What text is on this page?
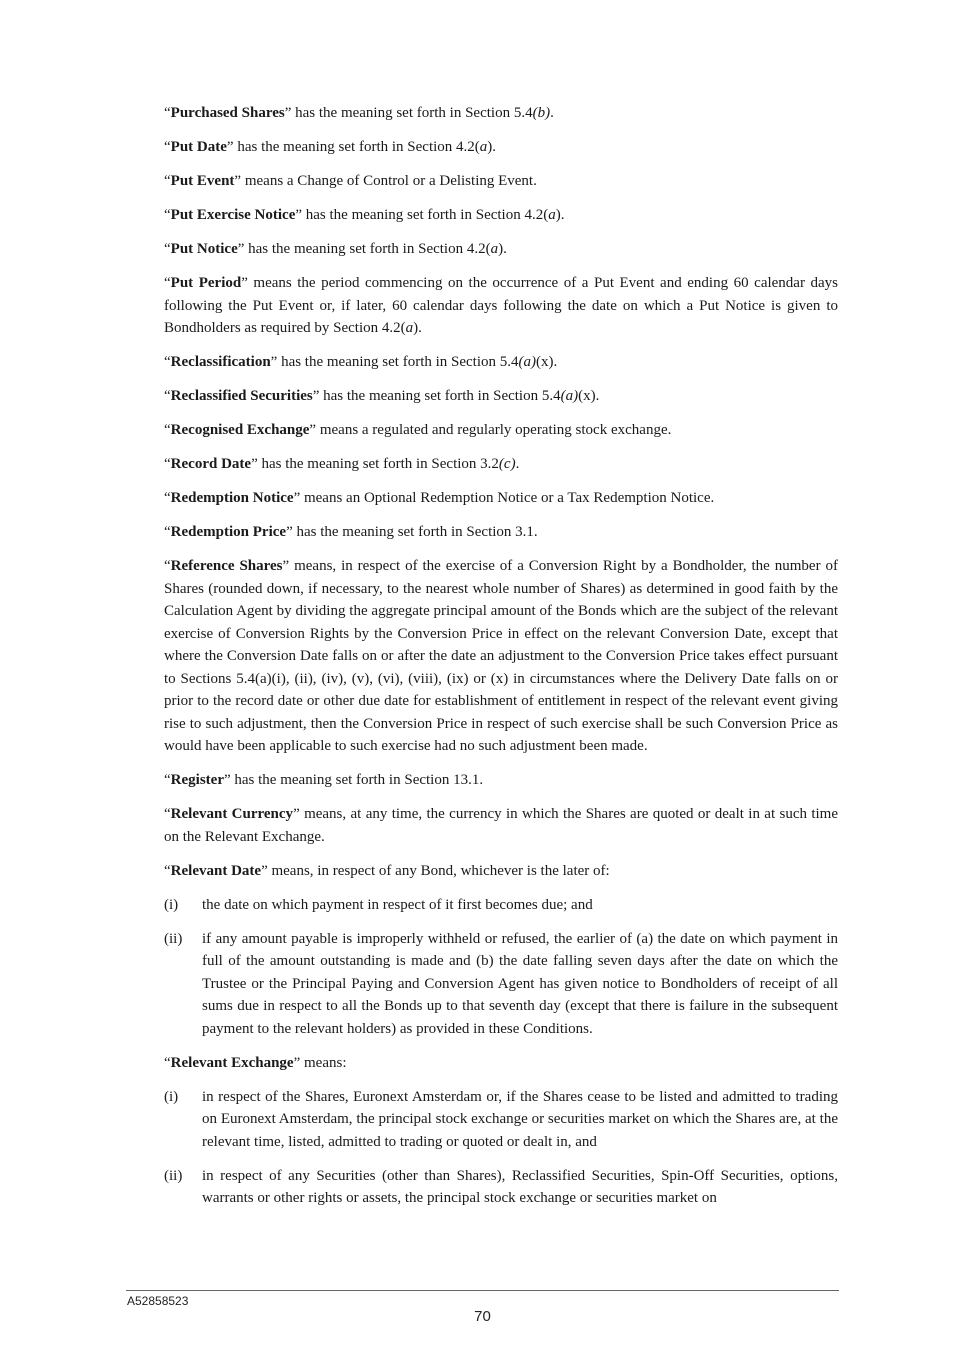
“Purchased Shares” has the meaning set forth in Section 5.4(b).

“Put Date” has the meaning set forth in Section 4.2(a).

“Put Event” means a Change of Control or a Delisting Event.

“Put Exercise Notice” has the meaning set forth in Section 4.2(a).

“Put Notice” has the meaning set forth in Section 4.2(a).

“Put Period” means the period commencing on the occurrence of a Put Event and ending 60 calendar days following the Put Event or, if later, 60 calendar days following the date on which a Put Notice is given to Bondholders as required by Section 4.2(a).

“Reclassification” has the meaning set forth in Section 5.4(a)(x).

“Reclassified Securities” has the meaning set forth in Section 5.4(a)(x).

“Recognised Exchange” means a regulated and regularly operating stock exchange.

“Record Date” has the meaning set forth in Section 3.2(c).

“Redemption Notice” means an Optional Redemption Notice or a Tax Redemption Notice.

“Redemption Price” has the meaning set forth in Section 3.1.

“Reference Shares” means, in respect of the exercise of a Conversion Right by a Bondholder, the number of Shares (rounded down, if necessary, to the nearest whole number of Shares) as determined in good faith by the Calculation Agent by dividing the aggregate principal amount of the Bonds which are the subject of the relevant exercise of Conversion Rights by the Conversion Price in effect on the relevant Conversion Date, except that where the Conversion Date falls on or after the date an adjustment to the Conversion Price takes effect pursuant to Sections 5.4(a)(i), (ii), (iv), (v), (vi), (viii), (ix) or (x) in circumstances where the Delivery Date falls on or prior to the record date or other due date for establishment of entitlement in respect of the relevant event giving rise to such adjustment, then the Conversion Price in respect of such exercise shall be such Conversion Price as would have been applicable to such exercise had no such adjustment been made.

“Register” has the meaning set forth in Section 13.1.

“Relevant Currency” means, at any time, the currency in which the Shares are quoted or dealt in at such time on the Relevant Exchange.

“Relevant Date” means, in respect of any Bond, whichever is the later of:

(i)	the date on which payment in respect of it first becomes due; and
(ii)	if any amount payable is improperly withheld or refused, the earlier of (a) the date on which payment in full of the amount outstanding is made and (b) the date falling seven days after the date on which the Trustee or the Principal Paying and Conversion Agent has given notice to Bondholders of receipt of all sums due in respect to all the Bonds up to that seventh day (except that there is failure in the subsequent payment to the relevant holders) as provided in these Conditions.

“Relevant Exchange” means:

(i)	in respect of the Shares, Euronext Amsterdam or, if the Shares cease to be listed and admitted to trading on Euronext Amsterdam, the principal stock exchange or securities market on which the Shares are, at the relevant time, listed, admitted to trading or quoted or dealt in, and
(ii)	in respect of any Securities (other than Shares), Reclassified Securities, Spin-Off Securities, options, warrants or other rights or assets, the principal stock exchange or securities market on
A52858523
70
